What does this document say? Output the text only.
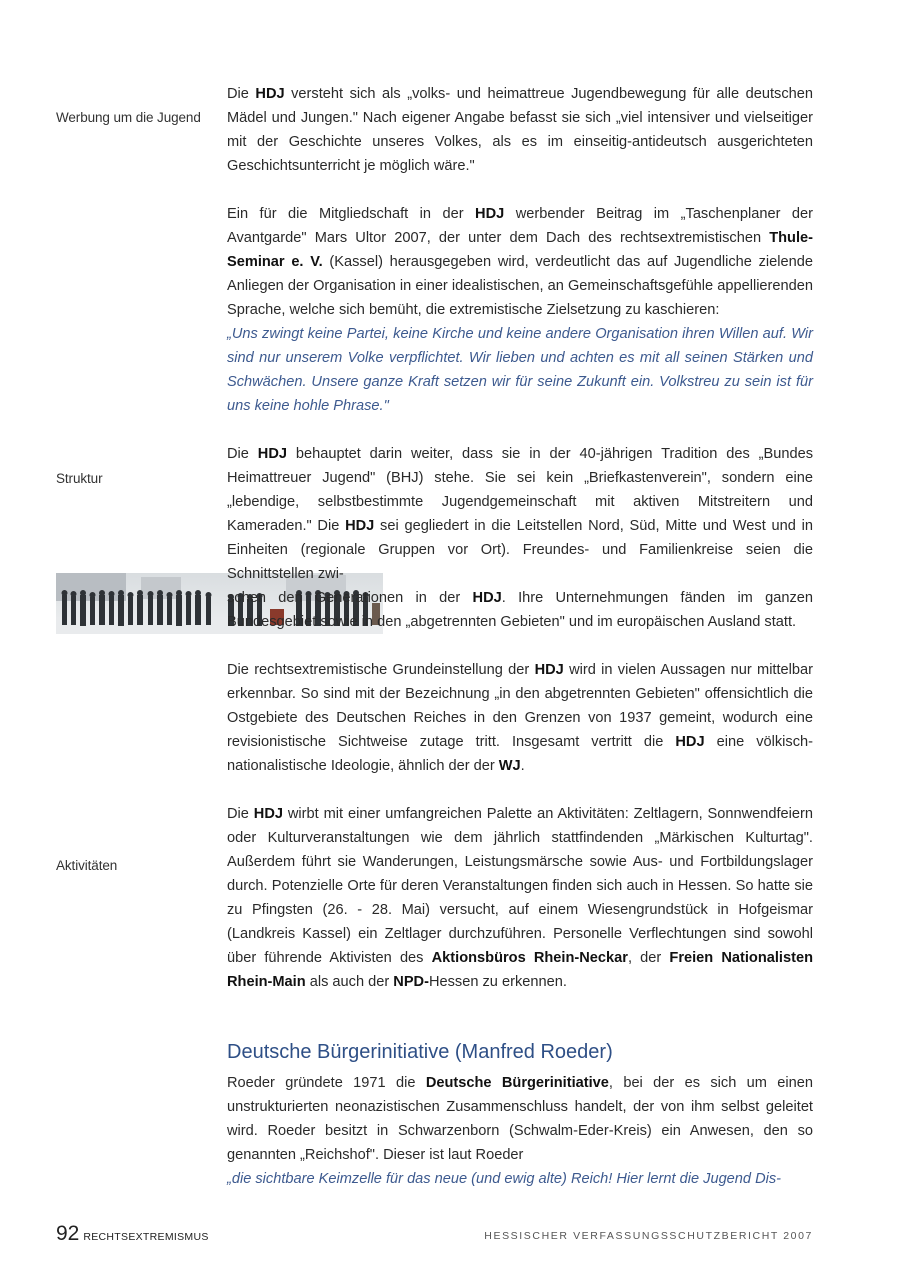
Werbung um die Jugend
Struktur
Aktivitäten

Die HDJ versteht sich als „volks- und heimattreue Jugendbewegung für alle deutschen Mädel und Jungen." Nach eigener Angabe befasst sie sich „viel intensiver und vielseitiger mit der Geschichte unseres Volkes, als es im einseitig-antideutsch ausgerichteten Geschichtsunterricht je möglich wäre."

Ein für die Mitgliedschaft in der HDJ werbender Beitrag im „Taschenplaner der Avantgarde" Mars Ultor 2007, der unter dem Dach des rechtsextremistischen Thule-Seminar e. V. (Kassel) herausgegeben wird, verdeutlicht das auf Jugendliche zielende Anliegen der Organisation in einer idealistischen, an Gemeinschaftsgefühle appellierenden Sprache, welche sich bemüht, die extremistische Zielsetzung zu kaschieren:

„Uns zwingt keine Partei, keine Kirche und keine andere Organisation ihren Willen auf. Wir sind nur unserem Volke verpflichtet. Wir lieben und achten es mit all seinen Stärken und Schwächen. Unsere ganze Kraft setzen wir für seine Zukunft ein. Volkstreu zu sein ist für uns keine hohle Phrase."

Die HDJ behauptet darin weiter, dass sie in der 40-jährigen Tradition des „Bundes Heimattreuer Jugend" (BHJ) stehe. Sie sei kein „Briefkastenverein", sondern eine „lebendige, selbstbestimmte Jugendgemeinschaft mit aktiven Mitstreitern und Kameraden." Die HDJ sei gegliedert in die Leitstellen Nord, Süd, Mitte und West und in Einheiten (regionale Gruppen vor Ort). Freundes- und Familienkreise seien die Schnittstellen zwi-

schen den Generationen in der HDJ. Ihre Unternehmungen fänden im ganzen Bundesgebiet sowie in den „abgetrennten Gebieten" und im europäischen Ausland statt.

Die rechtsextremistische Grundeinstellung der HDJ wird in vielen Aussagen nur mittelbar erkennbar. So sind mit der Bezeichnung „in den abgetrennten Gebieten" offensichtlich die Ostgebiete des Deutschen Reiches in den Grenzen von 1937 gemeint, wodurch eine revisionistische Sichtweise zutage tritt. Insgesamt vertritt die HDJ eine völkisch-nationalistische Ideologie, ähnlich der der WJ.

Die HDJ wirbt mit einer umfangreichen Palette an Aktivitäten: Zeltlagern, Sonnwendfeiern oder Kulturveranstaltungen wie dem jährlich stattfindenden „Märkischen Kulturtag". Außerdem führt sie Wanderungen, Leistungsmärsche sowie Aus- und Fortbildungslager durch. Potenzielle Orte für deren Veranstaltungen finden sich auch in Hessen. So hatte sie zu Pfingsten (26. - 28. Mai) versucht, auf einem Wiesengrundstück in Hofgeismar (Landkreis Kassel) ein Zeltlager durchzuführen. Personelle Verflechtungen sind sowohl über führende Aktivisten des Aktionsbüros Rhein-Neckar, der Freien Nationalisten Rhein-Main als auch der NPD-Hessen zu erkennen.

Deutsche Bürgerinitiative (Manfred Roeder)

Roeder gründete 1971 die Deutsche Bürgerinitiative, bei der es sich um einen unstrukturierten neonazistischen Zusammenschluss handelt, der von ihm selbst geleitet wird. Roeder besitzt in Schwarzenborn (Schwalm-Eder-Kreis) ein Anwesen, den so genannten „Reichshof". Dieser ist laut Roeder

„die sichtbare Keimzelle für das neue (und ewig alte) Reich! Hier lernt die Jugend Dis-

92 RECHTSEXTREMISMUS	HESSISCHER VERFASSUNGSSCHUTZBERICHT 2007
